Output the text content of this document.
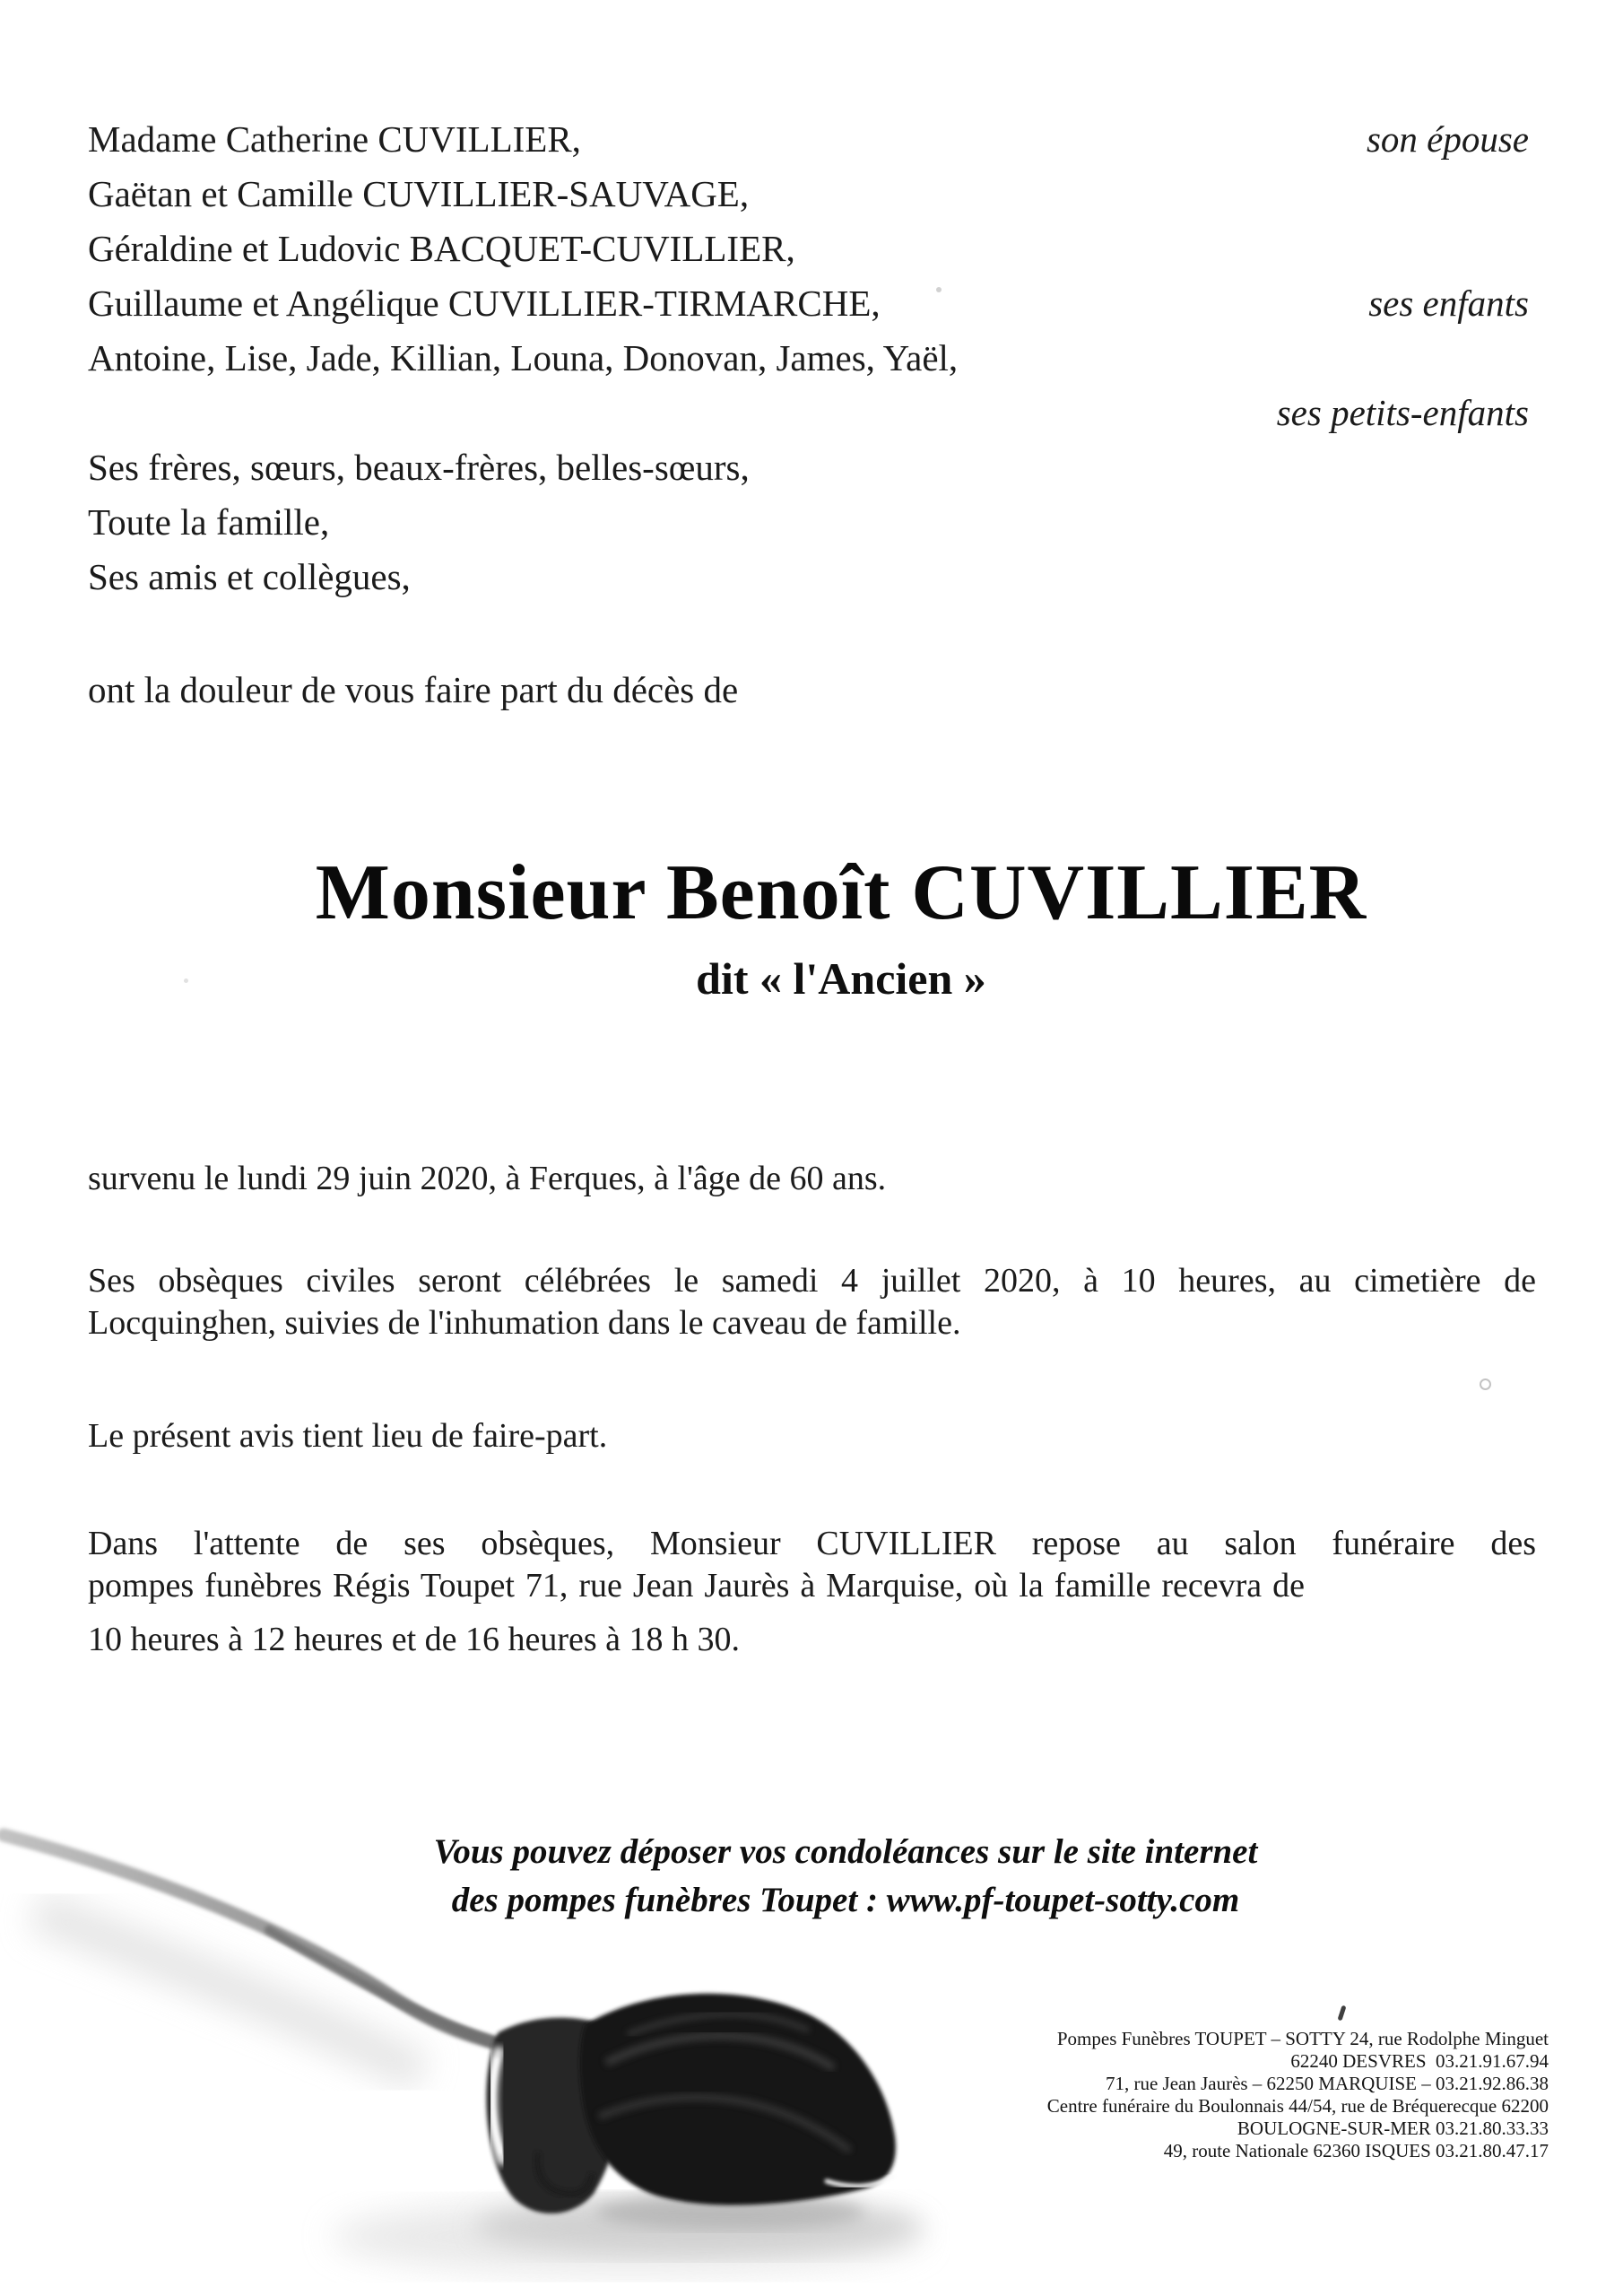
Madame Catherine CUVILLIER,
Gaëtan et Camille CUVILLIER-SAUVAGE,
Géraldine et Ludovic BACQUET-CUVILLIER,
Guillaume et Angélique CUVILLIER-TIRMARCHE,
Antoine, Lise, Jade, Killian, Louna, Donovan, James, Yaël,
son épouse
ses enfants
ses petits-enfants
Ses frères, sœurs, beaux-frères, belles-sœurs,
Toute la famille,
Ses amis et collègues,
ont la douleur de vous faire part du décès de
Monsieur Benoît CUVILLIER
dit « l'Ancien »
survenu le lundi 29 juin 2020, à Ferques, à l'âge de 60 ans.
Ses obsèques civiles seront célébrées le samedi 4 juillet 2020, à 10 heures, au cimetière de
Locquinghen, suivies de l'inhumation dans le caveau de famille.
Le présent avis tient lieu de faire-part.
Dans l'attente de ses obsèques, Monsieur CUVILLIER repose au salon funéraire des
pompes funèbres Régis Toupet 71, rue Jean Jaurès à Marquise, où la famille recevra de
10 heures à 12 heures et de 16 heures à 18 h 30.
Vous pouvez déposer vos condoléances sur le site internet
des pompes funèbres Toupet : www.pf-toupet-sotty.com
Pompes Funèbres TOUPET – SOTTY 24, rue Rodolphe Minguet
62240 DESVRES  03.21.91.67.94
71, rue Jean Jaurès – 62250 MARQUISE – 03.21.92.86.38
Centre funéraire du Boulonnais 44/54, rue de Bréquerecque 62200
BOULOGNE-SUR-MER 03.21.80.33.33
49, route Nationale 62360 ISQUES 03.21.80.47.17
